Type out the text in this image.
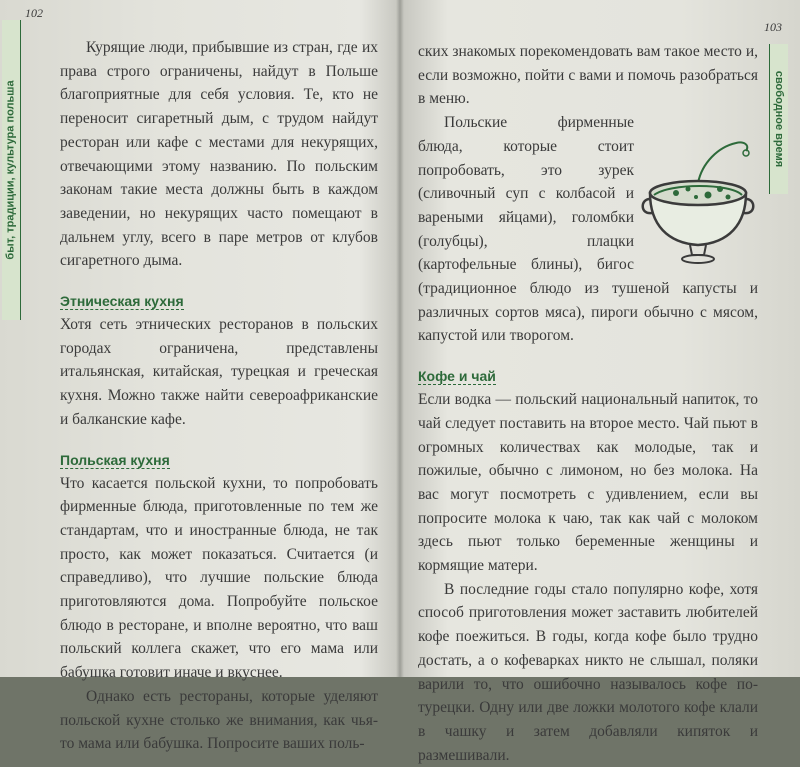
102
быт, традиции, культура польша

Курящие люди, прибывшие из стран, где их права строго ограничены, найдут в Польше благоприятные для себя условия. Те, кто не переносит сигаретный дым, с трудом найдут ресторан или кафе с местами для некурящих, отвечающими этому названию. По польским законам такие места должны быть в каждом заведении, но некурящих часто помещают в дальнем углу, всего в паре метров от клубов сигаретного дыма.

Этническая кухня

Хотя сеть этнических ресторанов в польских городах ограничена, представлены итальянская, китайская, турецкая и греческая кухня. Можно также найти североафриканские и балканские кафе.

Польская кухня

Что касается польской кухни, то попробовать фирменные блюда, приготовленные по тем же стандартам, что и иностранные блюда, не так просто, как может показаться. Считается (и справедливо), что лучшие польские блюда приготовляются дома. Попробуйте польское блюдо в ресторане, и вполне вероятно, что ваш польский коллега скажет, что его мама или бабушка готовит иначе и вкуснее.

Однако есть рестораны, которые уделяют польской кухне столько же внимания, как чья-то мама или бабушка. Попросите ваших поль-

103
свободное время

ских знакомых порекомендовать вам такое место и, если возможно, пойти с вами и помочь разобраться в меню.

Польские фирменные блюда, которые стоит попробовать, это зурек (сливочный суп с колбасой и вареными яйцами), голомбки (голубцы), плацки (картофельные блины), бигос (традиционное блюдо из тушеной капусты и различных сортов мяса), пироги обычно с мясом, капустой или творогом.

Кофе и чай

Если водка — польский национальный напиток, то чай следует поставить на второе место. Чай пьют в огромных количествах как молодые, так и пожилые, обычно с лимоном, но без молока. На вас могут посмотреть с удивлением, если вы попросите молока к чаю, так как чай с молоком здесь пьют только беременные женщины и кормящие матери.

В последние годы стало популярно кофе, хотя способ приготовления может заставить любителей кофе поежиться. В годы, когда кофе было трудно достать, а о кофеварках никто не слышал, поляки варили то, что ошибочно называлось кофе по-турецки. Одну или две ложки молотого кофе клали в чашку и затем добавляли кипяток и размешивали.
